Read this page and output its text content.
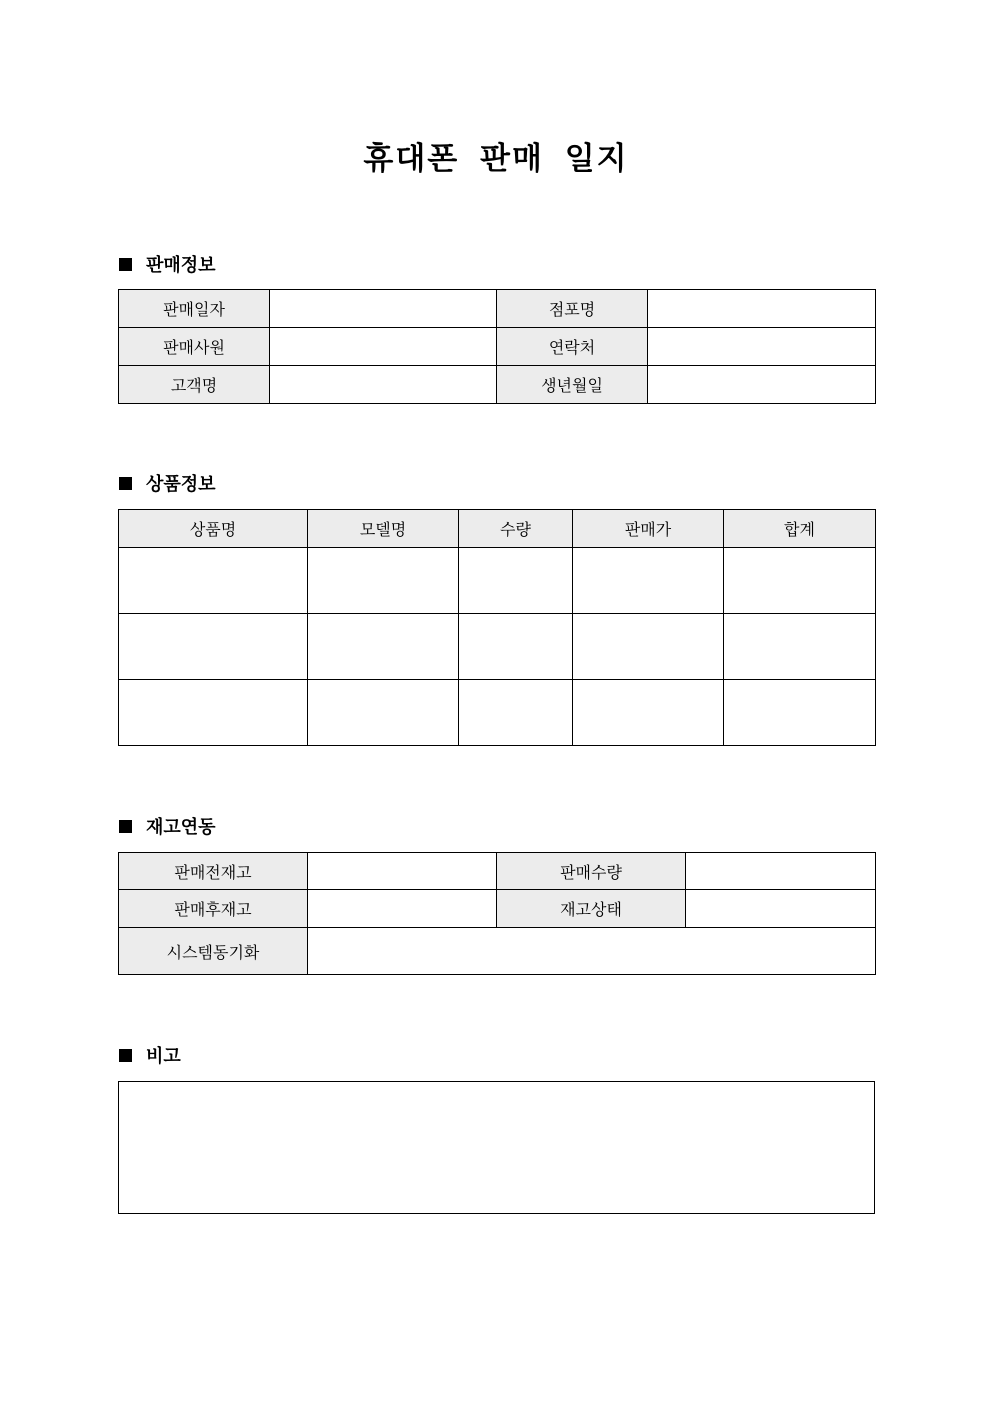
휴대폰 판매 일지
판매정보
판매일자		점포명	
판매사원		연락처	
고객명		생년월일	
상품정보
상품명	모델명	수량	판매가	합계

재고연동
판매전재고		판매수량	
판매후재고		재고상태	
시스템동기화			
비고
